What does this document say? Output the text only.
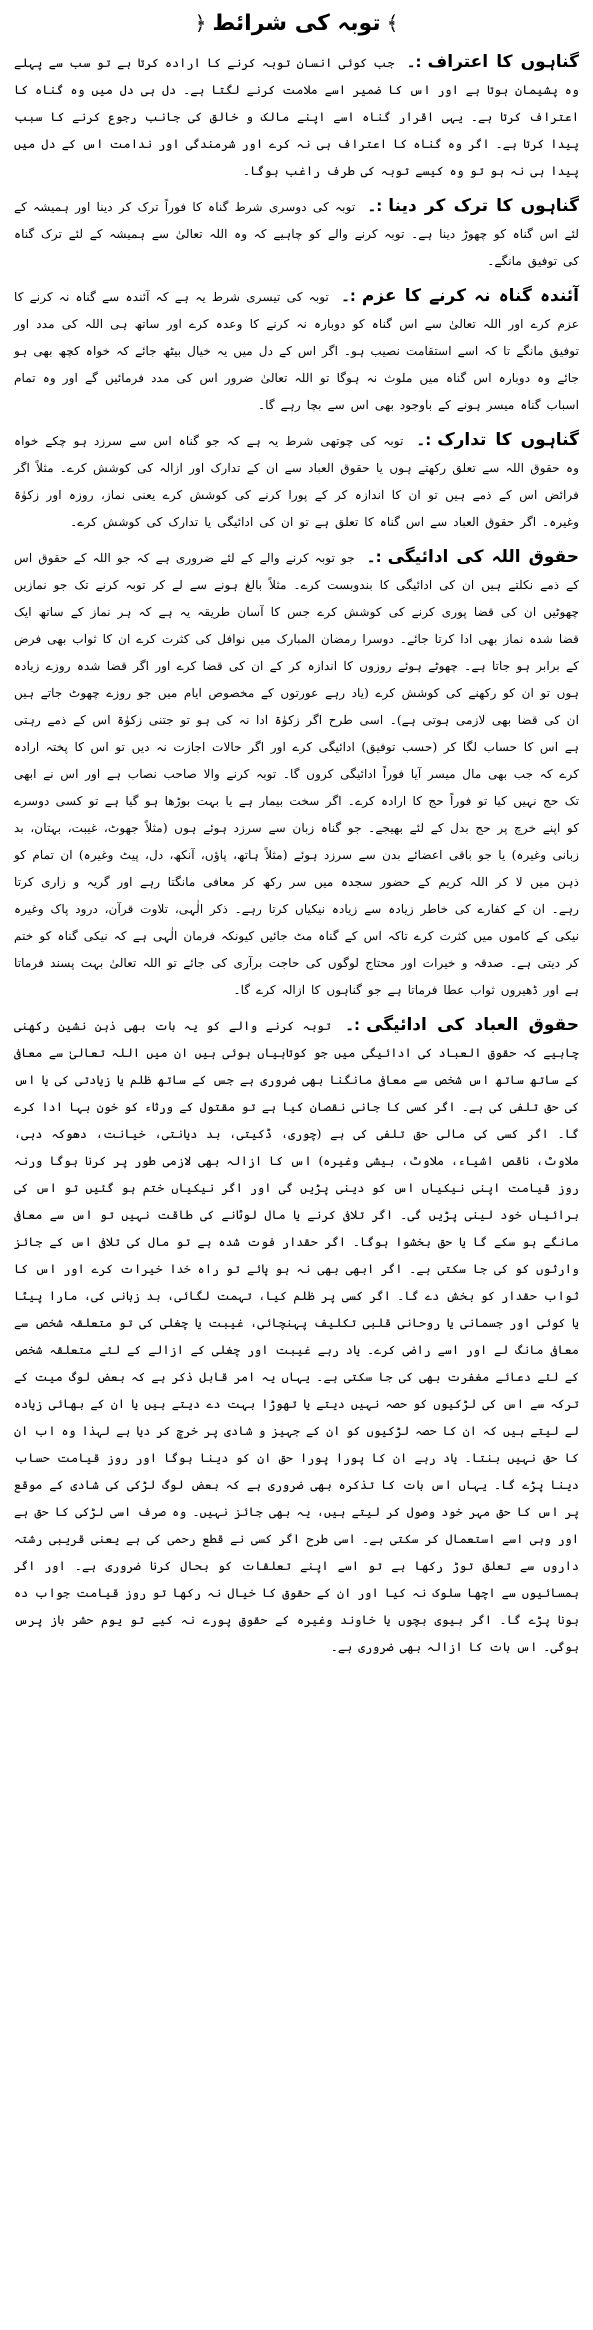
﴾توبہ کی شرائط﴿

گناہوں کا اعتراف:۔ جب کوئی انسان توبہ کرنے کا ارادہ کرتا ہے تو سب سے پہلے وہ پشیمان ہوتا ہے اور اس کا ضمیر اسے ملامت کرنے لگتا ہے۔ دل ہی دل میں وہ گناہ کا اعتراف کرتا ہے۔ یہی اقرار گناہ اسے اپنے مالک و خالق کی جانب رجوع کرنے کا سبب پیدا کرتا ہے۔ اگر وہ گناہ کا اعتراف ہی نہ کرے اور شرمندگی اور ندامت اس کے دل میں پیدا ہی نہ ہو تو وہ کیسے توبہ کی طرف راغب ہوگا۔

گناہوں کا ترک کر دینا:۔ توبہ کی دوسری شرط گناہ کا فوراً ترک کر دینا اور ہمیشہ کے لئے اس گناہ کو چھوڑ دینا ہے۔ توبہ کرنے والے کو چاہیے کہ وہ اللہ تعالیٰ سے ہمیشہ کے لئے ترک گناہ کی توفیق مانگے۔

آئندہ گناہ نہ کرنے کا عزم:۔ توبہ کی تیسری شرط یہ ہے کہ آئندہ سے گناہ نہ کرنے کا عزم کرے اور اللہ تعالیٰ سے اس گناہ کو دوبارہ نہ کرنے کا وعدہ کرے اور ساتھ ہی اللہ کی مدد اور توفیق مانگے تا کہ اسے استقامت نصیب ہو۔ اگر اس کے دل میں یہ خیال بیٹھ جائے کہ خواہ کچھ بھی ہو جائے وہ دوبارہ اس گناہ میں ملوث نہ ہوگا تو اللہ تعالیٰ ضرور اس کی مدد فرمائیں گے اور وہ تمام اسباب گناہ میسر ہونے کے باوجود بھی اس سے بچا رہے گا۔

گناہوں کا تدارک:۔ توبہ کی چوتھی شرط یہ ہے کہ جو گناہ اس سے سرزد ہو چکے خواہ وہ حقوق اللہ سے تعلق رکھتے ہوں یا حقوق العباد سے ان کے تدارک اور ازالہ کی کوشش کرے۔ مثلاً اگر فرائض اس کے ذمے ہیں تو ان کا اندازہ کر کے پورا کرنے کی کوشش کرے یعنی نماز، روزہ اور زکوٰۃ وغیرہ۔ اگر حقوق العباد سے اس گناہ کا تعلق ہے تو ان کی ادائیگی یا تدارک کی کوشش کرے۔

حقوق اللہ کی ادائیگی:۔ جو توبہ کرنے والے کے لئے ضروری ہے کہ جو اللہ کے حقوق اس کے ذمے نکلتے ہیں ان کی ادائیگی کا بندوبست کرے۔ مثلاً بالغ ہونے سے لے کر توبہ کرنے تک جو نمازیں چھوٹیں ان کی قضا پوری کرنے کی کوشش کرے جس کا آسان طریقہ یہ ہے کہ ہر نماز کے ساتھ ایک قضا شدہ نماز بھی ادا کرتا جائے۔ دوسرا رمضان المبارک میں نوافل کی کثرت کرے ان کا ثواب بھی فرض کے برابر ہو جاتا ہے۔ چھوٹے ہوئے روزوں کا اندازہ کر کے ان کی قضا کرے اور اگر قضا شدہ روزے زیادہ ہوں تو ان کو رکھنے کی کوشش کرے (یاد رہے عورتوں کے مخصوص ایام میں جو روزے چھوٹ جاتے ہیں ان کی قضا بھی لازمی ہوتی ہے)۔ اسی طرح اگر زکوٰۃ ادا نہ کی ہو تو جتنی زکوٰۃ اس کے ذمے رہتی ہے اس کا حساب لگا کر (حسب توفیق) ادائیگی کرے اور اگر حالات اجازت نہ دیں تو اس کا پختہ ارادہ کرے کہ جب بھی مال میسر آیا فوراً ادائیگی کروں گا۔ توبہ کرنے والا صاحب نصاب ہے اور اس نے ابھی تک حج نہیں کیا تو فوراً حج کا ارادہ کرے۔ اگر سخت بیمار ہے یا بہت بوڑھا ہو گیا ہے تو کسی دوسرے کو اپنے خرچ پر حج بدل کے لئے بھیجے۔ جو گناہ زبان سے سرزد ہوئے ہوں (مثلاً جھوٹ، غیبت، بہتان، بد زبانی وغیرہ) یا جو باقی اعضائے بدن سے سرزد ہوئے (مثلاً ہاتھ، پاؤں، آنکھ، دل، پیٹ وغیرہ) ان تمام کو ذہن میں لا کر اللہ کریم کے حضور سجدہ میں سر رکھ کر معافی مانگتا رہے اور گریہ و زاری کرتا رہے۔ ان کے کفارے کی خاطر زیادہ سے زیادہ نیکیاں کرتا رہے۔ ذکر الٰہی، تلاوت قرآن، درود پاک وغیرہ نیکی کے کاموں میں کثرت کرے تاکہ اس کے گناہ مٹ جائیں کیونکہ فرمان الٰہی ہے کہ نیکی گناہ کو ختم کر دیتی ہے۔ صدقہ و خیرات اور محتاج لوگوں کی حاجت برآری کی جائے تو اللہ تعالیٰ بہت پسند فرماتا ہے اور ڈھیروں ثواب عطا فرماتا ہے جو گناہوں کا ازالہ کرے گا۔

حقوق العباد کی ادائیگی:۔ توبہ کرنے والے کو یہ بات بھی ذہن نشین رکھنی چاہیے کہ حقوق العباد کی ادائیگی میں جو کوتاہیاں ہوئی ہیں ان میں اللہ تعالیٰ سے معافی کے ساتھ ساتھ اس شخص سے معافی مانگنا بھی ضروری ہے جس کے ساتھ ظلم یا زیادتی کی یا اس کی حق تلفی کی ہے۔ اگر کسی کا جانی نقصان کیا ہے تو مقتول کے ورثاء کو خون بہا ادا کرے گا۔ اگر کسی کی مالی حق تلفی کی ہے (چوری، ڈکیتی، بد دیانتی، خیانت، دھوکہ دہی، ملاوٹ، ناقص اشیاء، ملاوٹ، بیشی وغیرہ) اس کا ازالہ بھی لازمی طور پر کرنا ہوگا ورنہ روز قیامت اپنی نیکیاں اس کو دینی پڑیں گی اور اگر نیکیاں ختم ہو گئیں تو اس کی برائیاں خود لینی پڑیں گی۔ اگر تلافی کرنے یا مال لوٹانے کی طاقت نہیں تو اس سے معافی مانگے ہو سکے گا یا حق بخشوا ہوگا۔ اگر حقدار فوت شدہ ہے تو مال کی تلافی اس کے جائز وارثوں کو کی جا سکتی ہے۔ اگر ابھی بھی نہ ہو پائے تو راہ خدا خیرات کرے اور اس کا ثواب حقدار کو بخش دے گا۔ اگر کسی پر ظلم کیا، تہمت لگائی، بد زبانی کی، مارا پیٹا یا کوئی اور جسمانی یا روحانی قلبی تکلیف پہنچائی، غیبت یا چغلی کی تو متعلقہ شخص سے معافی مانگ لے اور اسے راضی کرے۔ یاد رہے غیبت اور چغلی کے ازالے کے لئے متعلقہ شخص کے لئے دعائے مغفرت بھی کی جا سکتی ہے۔ یہاں یہ امر قابل ذکر ہے کہ بعض لوگ میت کے ترکہ سے اس کی لڑکیوں کو حصہ نہیں دیتے یا تھوڑا بہت دے دیتے ہیں یا ان کے بھائی زیادہ لے لیتے ہیں کہ ان کا حصہ لڑکیوں کو ان کے جہیز و شادی پر خرچ کر دیا ہے لہذا وہ اب ان کا حق نہیں بنتا۔ یاد رہے ان کا پورا پورا حق ان کو دینا ہوگا اور روز قیامت حساب دینا پڑے گا۔ یہاں اس بات کا تذکرہ بھی ضروری ہے کہ بعض لوگ لڑکی کی شادی کے موقع پر اس کا حق مہر خود وصول کر لیتے ہیں، یہ بھی جائز نہیں۔ وہ صرف اسی لڑکی کا حق ہے اور وہی اسے استعمال کر سکتی ہے۔ اسی طرح اگر کسی نے قطع رحمی کی ہے یعنی قریبی رشتہ داروں سے تعلق توڑ رکھا ہے تو اسے اپنے تعلقات کو بحال کرنا ضروری ہے۔ اور اگر ہمسائیوں سے اچھا سلوک نہ کیا اور ان کے حقوق کا خیال نہ رکھا تو روز قیامت جواب دہ ہونا پڑے گا۔ اگر بیوی بچوں یا خاوند وغیرہ کے حقوق پورے نہ کیے تو یوم حشر باز پرس ہوگی۔ اس بات کا ازالہ بھی ضروری ہے۔
